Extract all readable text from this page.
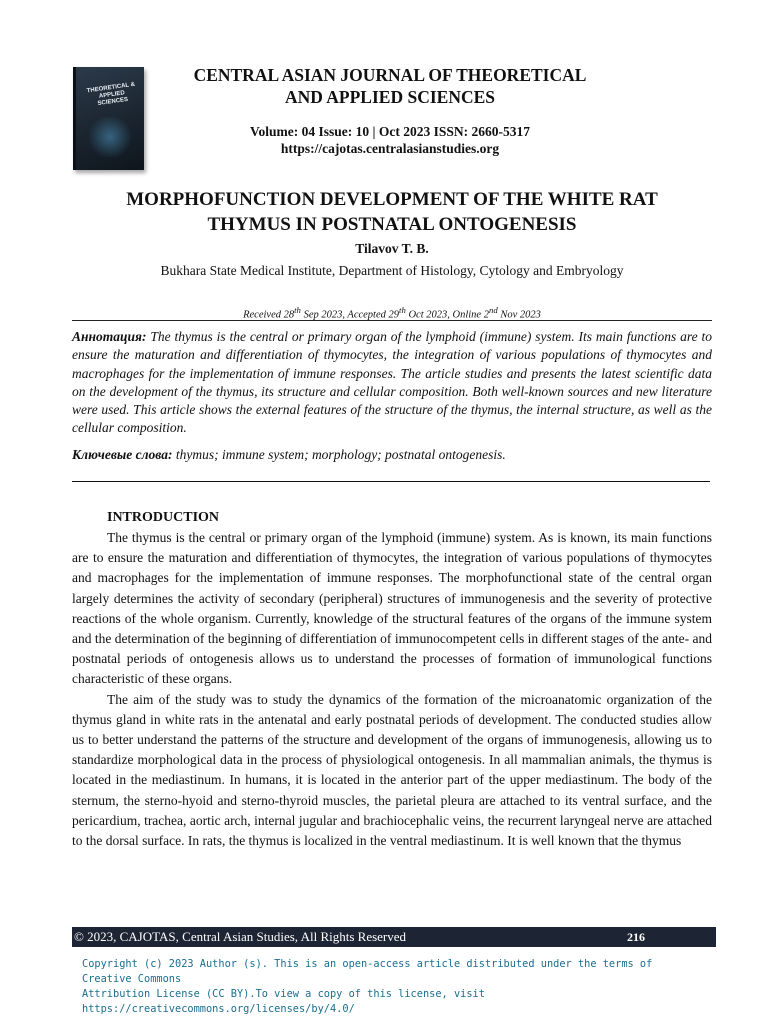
THEORETICAL & APPLIED SCIENCES
CENTRAL ASIAN JOURNAL OF THEORETICAL
AND APPLIED SCIENCES
Volume: 04 Issue: 10 | Oct 2023 ISSN: 2660-5317
https://cajotas.centralasianstudies.org
MORPHOFUNCTION DEVELOPMENT OF THE WHITE RAT
THYMUS IN POSTNATAL ONTOGENESIS
Tilavov T. B.
Bukhara State Medical Institute, Department of Histology, Cytology and Embryology
Received 28th Sep 2023, Accepted 29th Oct 2023, Online 2nd Nov 2023
Аннотация: The thymus is the central or primary organ of the lymphoid (immune) system. Its main functions are to ensure the maturation and differentiation of thymocytes, the integration of various populations of thymocytes and macrophages for the implementation of immune responses. The article studies and presents the latest scientific data on the development of the thymus, its structure and cellular composition. Both well-known sources and new literature were used. This article shows the external features of the structure of the thymus, the internal structure, as well as the cellular composition.
Ключевые слова: thymus; immune system; morphology; postnatal ontogenesis.
INTRODUCTION

The thymus is the central or primary organ of the lymphoid (immune) system. As is known, its main functions are to ensure the maturation and differentiation of thymocytes, the integration of various populations of thymocytes and macrophages for the implementation of immune responses. The morphofunctional state of the central organ largely determines the activity of secondary (peripheral) structures of immunogenesis and the severity of protective reactions of the whole organism. Currently, knowledge of the structural features of the organs of the immune system and the determination of the beginning of differentiation of immunocompetent cells in different stages of the ante- and postnatal periods of ontogenesis allows us to understand the processes of formation of immunological functions characteristic of these organs.

The aim of the study was to study the dynamics of the formation of the microanatomic organization of the thymus gland in white rats in the antenatal and early postnatal periods of development. The conducted studies allow us to better understand the patterns of the structure and development of the organs of immunogenesis, allowing us to standardize morphological data in the process of physiological ontogenesis. In all mammalian animals, the thymus is located in the mediastinum. In humans, it is located in the anterior part of the upper mediastinum. The body of the sternum, the sterno-hyoid and sterno-thyroid muscles, the parietal pleura are attached to its ventral surface, and the pericardium, trachea, aortic arch, internal jugular and brachiocephalic veins, the recurrent laryngeal nerve are attached to the dorsal surface. In rats, the thymus is localized in the ventral mediastinum. It is well known that the thymus

© 2023, CAJOTAS, Central Asian Studies, All Rights Reserved	216
Copyright (c) 2023 Author (s). This is an open-access article distributed under the terms of Creative Commons
Attribution License (CC BY).To view a copy of this license, visit https://creativecommons.org/licenses/by/4.0/
